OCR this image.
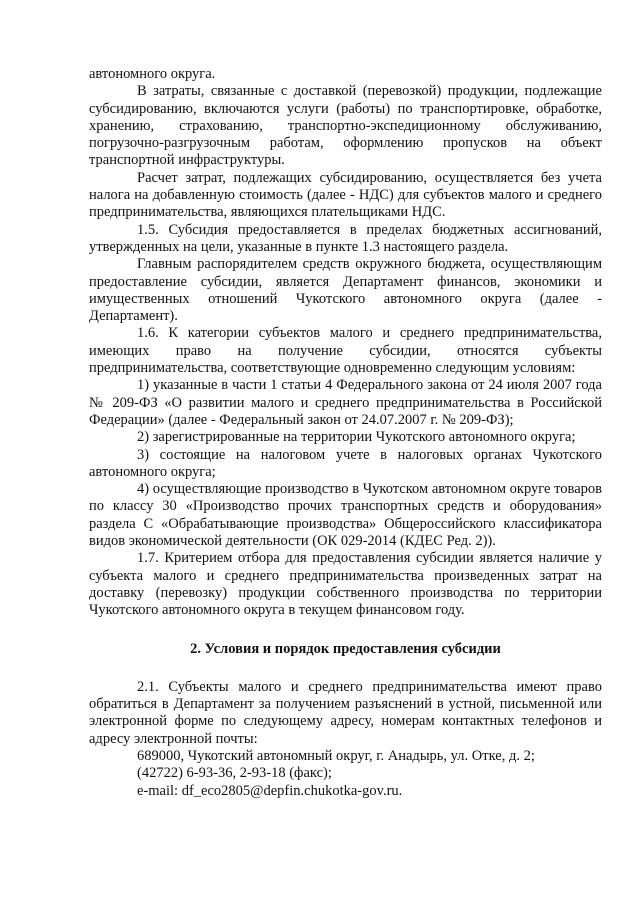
автономного округа.

В затраты, связанные с доставкой (перевозкой) продукции, подлежащие субсидированию, включаются услуги (работы) по транспортировке, обработке, хранению, страхованию, транспортно-экспедиционному обслуживанию, погрузочно-разгрузочным работам, оформлению пропусков на объект транспортной инфраструктуры.

Расчет затрат, подлежащих субсидированию, осуществляется без учета налога на добавленную стоимость (далее - НДС) для субъектов малого и среднего предпринимательства, являющихся плательщиками НДС.

1.5. Субсидия предоставляется в пределах бюджетных ассигнований, утвержденных на цели, указанные в пункте 1.3 настоящего раздела.

Главным распорядителем средств окружного бюджета, осуществляющим предоставление субсидии, является Департамент финансов, экономики и имущественных отношений Чукотского автономного округа (далее - Департамент).

1.6. К категории субъектов малого и среднего предпринимательства, имеющих право на получение субсидии, относятся субъекты предпринимательства, соответствующие одновременно следующим условиям:

1) указанные в части 1 статьи 4 Федерального закона от 24 июля 2007 года № 209-ФЗ «О развитии малого и среднего предпринимательства в Российской Федерации» (далее - Федеральный закон от 24.07.2007 г. № 209-ФЗ);

2) зарегистрированные на территории Чукотского автономного округа;

3) состоящие на налоговом учете в налоговых органах Чукотского автономного округа;

4) осуществляющие производство в Чукотском автономном округе товаров по классу 30 «Производство прочих транспортных средств и оборудования» раздела С «Обрабатывающие производства» Общероссийского классификатора видов экономической деятельности (ОК 029-2014 (КДЕС Ред. 2)).

1.7. Критерием отбора для предоставления субсидии является наличие у субъекта малого и среднего предпринимательства произведенных затрат на доставку (перевозку) продукции собственного производства по территории Чукотского автономного округа в текущем финансовом году.

2. Условия и порядок предоставления субсидии

2.1. Субъекты малого и среднего предпринимательства имеют право обратиться в Департамент за получением разъяснений в устной, письменной или электронной форме по следующему адресу, номерам контактных телефонов и адресу электронной почты:

689000, Чукотский автономный округ, г. Анадырь, ул. Отке, д. 2;

(42722) 6-93-36, 2-93-18 (факс);

e-mail: df_eco2805@depfin.chukotka-gov.ru.
